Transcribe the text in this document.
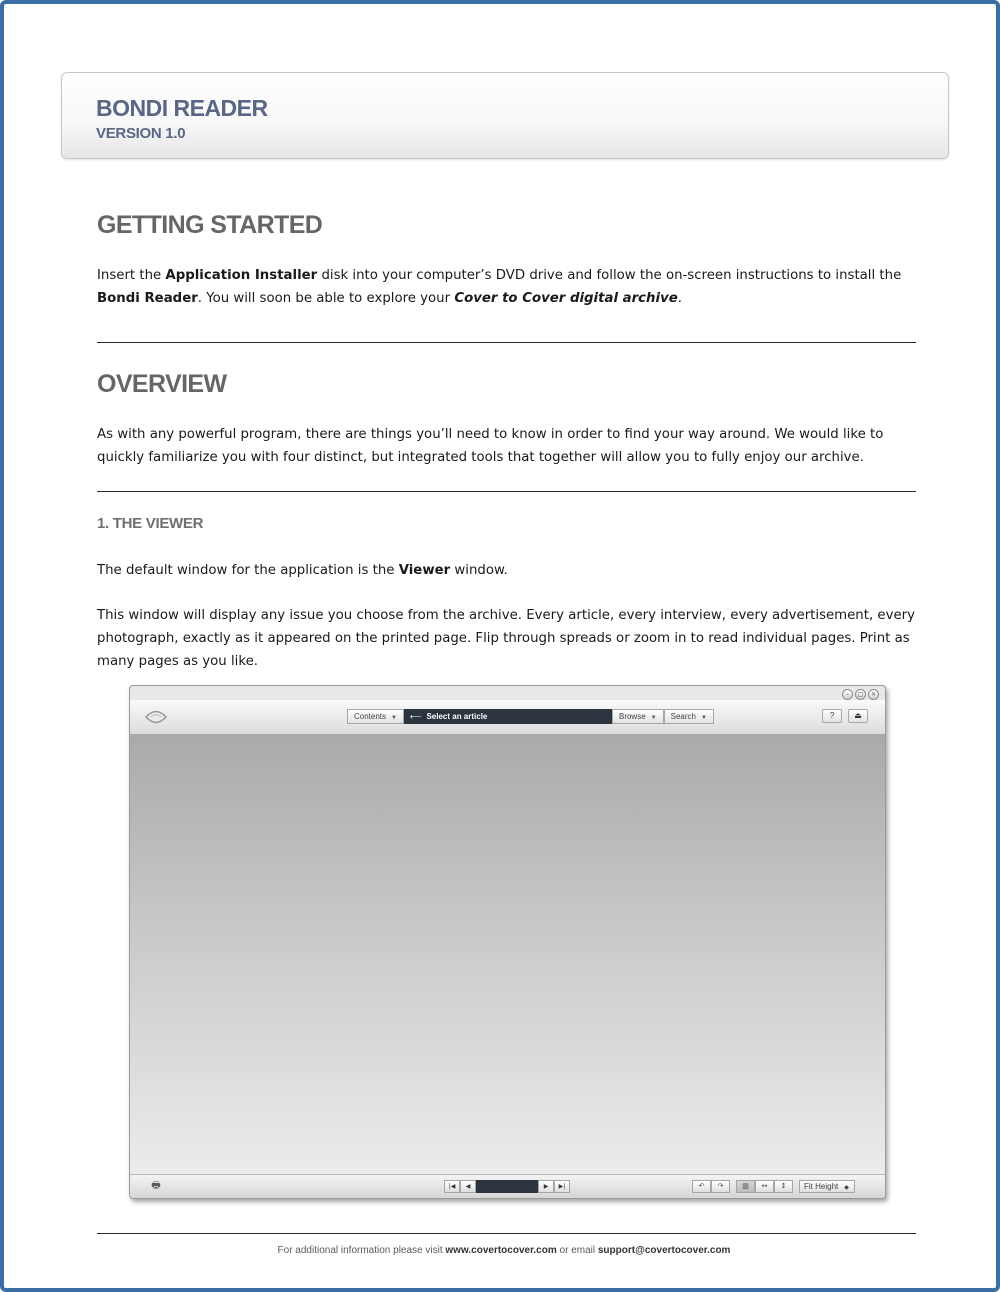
BONDI READER
VERSION 1.0
GETTING STARTED

Insert the Application Installer disk into your computer’s DVD drive and follow the on-screen instructions to install the Bondi Reader. You will soon be able to explore your Cover to Cover digital archive.

OVERVIEW

As with any powerful program, there are things you’ll need to know in order to find your way around. We would like to quickly familiarize you with four distinct, but integrated tools that together will allow you to fully enjoy our archive.

1. THE VIEWER

The default window for the application is the Viewer window.

This window will display any issue you choose from the archive. Every article, every interview, every advertisement, every photograph, exactly as it appeared on the printed page. Flip through spreads or zoom in to read individual pages. Print as many pages as you like.

–	□	×
Contents ▼	⟵ Select an article	Browse ▼	Search ▼	?	⏏
🖶	|◀	◀	▶	▶|	↶	↷	▥	↔	↕	Fit Height ◆
For additional information please visit www.covertocover.com or email support@covertocover.com
